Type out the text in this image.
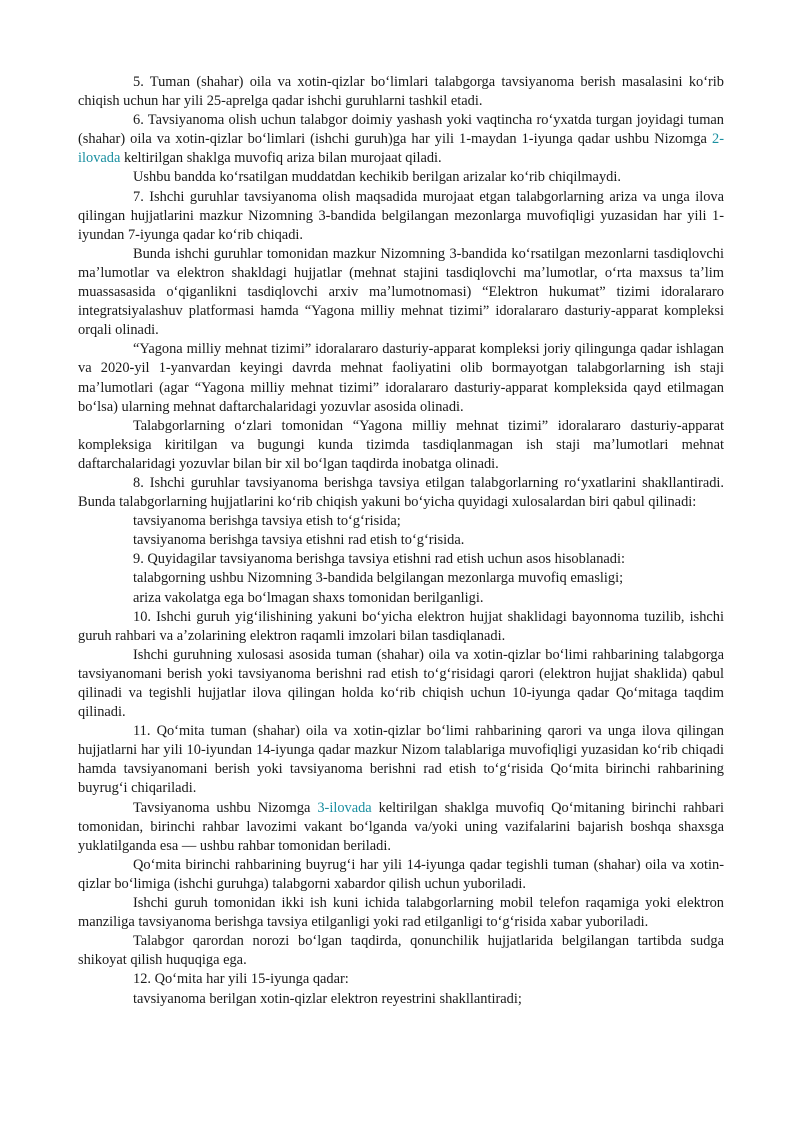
5. Tuman (shahar) oila va xotin-qizlar boʻlimlari talabgorga tavsiyanoma berish masalasini koʻrib chiqish uchun har yili 25-aprelga qadar ishchi guruhlarni tashkil etadi.

6. Tavsiyanoma olish uchun talabgor doimiy yashash yoki vaqtincha roʻyxatda turgan joyidagi tuman (shahar) oila va xotin-qizlar boʻlimlari (ishchi guruh)ga har yili 1-maydan 1-iyunga qadar ushbu Nizomga 2-ilovada keltirilgan shaklga muvofiq ariza bilan murojaat qiladi.

Ushbu bandda koʻrsatilgan muddatdan kechikib berilgan arizalar koʻrib chiqilmaydi.

7. Ishchi guruhlar tavsiyanoma olish maqsadida murojaat etgan talabgorlarning ariza va unga ilova qilingan hujjatlarini mazkur Nizomning 3-bandida belgilangan mezonlarga muvofiqligi yuzasidan har yili 1-iyundan 7-iyunga qadar koʻrib chiqadi.

Bunda ishchi guruhlar tomonidan mazkur Nizomning 3-bandida koʻrsatilgan mezonlarni tasdiqlovchi maʼlumotlar va elektron shakldagi hujjatlar (mehnat stajini tasdiqlovchi maʼlumotlar, oʻrta maxsus taʼlim muassasasida oʻqiganlikni tasdiqlovchi arxiv maʼlumotnomasi) “Elektron hukumat” tizimi idoralararo integratsiyalashuv platformasi hamda “Yagona milliy mehnat tizimi” idoralararo dasturiy-apparat kompleksi orqali olinadi.

“Yagona milliy mehnat tizimi” idoralararo dasturiy-apparat kompleksi joriy qilingunga qadar ishlagan va 2020-yil 1-yanvardan keyingi davrda mehnat faoliyatini olib bormayotgan talabgorlarning ish staji maʼlumotlari (agar “Yagona milliy mehnat tizimi” idoralararo dasturiy-apparat kompleksida qayd etilmagan boʻlsa) ularning mehnat daftarchalaridagi yozuvlar asosida olinadi.

Talabgorlarning oʻzlari tomonidan “Yagona milliy mehnat tizimi” idoralararo dasturiy-apparat kompleksiga kiritilgan va bugungi kunda tizimda tasdiqlanmagan ish staji maʼlumotlari mehnat daftarchalaridagi yozuvlar bilan bir xil boʻlgan taqdirda inobatga olinadi.

8. Ishchi guruhlar tavsiyanoma berishga tavsiya etilgan talabgorlarning roʻyxatlarini shakllantiradi. Bunda talabgorlarning hujjatlarini koʻrib chiqish yakuni boʻyicha quyidagi xulosalardan biri qabul qilinadi:

tavsiyanoma berishga tavsiya etish toʻgʻrisida;

tavsiyanoma berishga tavsiya etishni rad etish toʻgʻrisida.

9. Quyidagilar tavsiyanoma berishga tavsiya etishni rad etish uchun asos hisoblanadi:

talabgorning ushbu Nizomning 3-bandida belgilangan mezonlarga muvofiq emasligi;

ariza vakolatga ega boʻlmagan shaxs tomonidan berilganligi.

10. Ishchi guruh yigʻilishining yakuni boʻyicha elektron hujjat shaklidagi bayonnoma tuzilib, ishchi guruh rahbari va aʼzolarining elektron raqamli imzolari bilan tasdiqlanadi.

Ishchi guruhning xulosasi asosida tuman (shahar) oila va xotin-qizlar boʻlimi rahbarining talabgorga tavsiyanomani berish yoki tavsiyanoma berishni rad etish toʻgʻrisidagi qarori (elektron hujjat shaklida) qabul qilinadi va tegishli hujjatlar ilova qilingan holda koʻrib chiqish uchun 10-iyunga qadar Qoʻmitaga taqdim qilinadi.

11. Qoʻmita tuman (shahar) oila va xotin-qizlar boʻlimi rahbarining qarori va unga ilova qilingan hujjatlarni har yili 10-iyundan 14-iyunga qadar mazkur Nizom talablariga muvofiqligi yuzasidan koʻrib chiqadi hamda tavsiyanomani berish yoki tavsiyanoma berishni rad etish toʻgʻrisida Qoʻmita birinchi rahbarining buyrugʻi chiqariladi.

Tavsiyanoma ushbu Nizomga 3-ilovada keltirilgan shaklga muvofiq Qoʻmitaning birinchi rahbari tomonidan, birinchi rahbar lavozimi vakant boʻlganda va/yoki uning vazifalarini bajarish boshqa shaxsga yuklatilganda esa — ushbu rahbar tomonidan beriladi.

Qoʻmita birinchi rahbarining buyrugʻi har yili 14-iyunga qadar tegishli tuman (shahar) oila va xotin-qizlar boʻlimiga (ishchi guruhga) talabgorni xabardor qilish uchun yuboriladi.

Ishchi guruh tomonidan ikki ish kuni ichida talabgorlarning mobil telefon raqamiga yoki elektron manziliga tavsiyanoma berishga tavsiya etilganligi yoki rad etilganligi toʻgʻrisida xabar yuboriladi.

Talabgor qarordan norozi boʻlgan taqdirda, qonunchilik hujjatlarida belgilangan tartibda sudga shikoyat qilish huquqiga ega.

12. Qoʻmita har yili 15-iyunga qadar:

tavsiyanoma berilgan xotin-qizlar elektron reyestrini shakllantiradi;
